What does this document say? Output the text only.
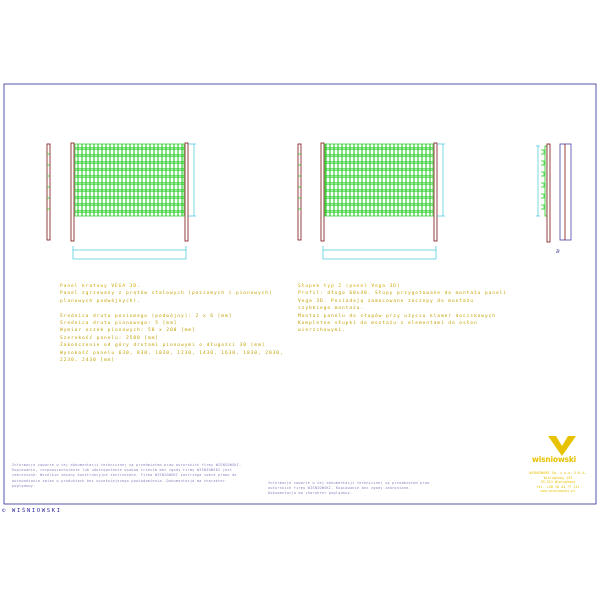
Panel kratowy VEGA 3D.
Panel zgrzewany z prętów stalowych (poziomych i pionowych)
planowych podwójnych).

Średnica drutu poziomego (podwójny): 2 x 6 [mm]
Średnica drutu pionowego: 5 [mm]
Wymiar oczek pionowych: 50 x 200 [mm]
Szerokość panelu: 2500 [mm]
Zakończenie od góry drutami pionowymi o długości 30 [mm]
Wysokość panelu 630, 830, 1030, 1230, 1430, 1630, 1830, 2030,
2230, 2430 [mm]
Słupek typ 2 (panel Vega 3D)
Profil: długo 60x40. Słupy przygotowane do montażu paneli
Vega 3D. Posiadają zamocowane zaczepy do montażu
szybkiego montażu.
Montaż panelu do słupów przy użyciu klamer dociskowych
Kompletne słupki do montażu z elementami do osłon
wierzchowymi.
Informacje zawarte w tej dokumentacji technicznej są przedmiotem praw autorskich firmy WIŚNIOWSKI. Kopiowanie, rozpowszechnianie lub udostępnianie osobom trzecim bez zgody firmy WIŚNIOWSKI jest zabronione. Wszelkie zmiany konstrukcyjne zastrzeżone. Firma WIŚNIOWSKI zastrzega sobie prawo do wprowadzania zmian w produktach bez wcześniejszego powiadomienia. Dokumentacja ma charakter poglądowy.
Informacje zawarte w tej dokumentacji technicznej są przedmiotem praw autorskich firmy WIŚNIOWSKI. Kopiowanie bez zgody zabronione. Dokumentacja ma charakter poglądowy.
wisniowski
WIŚNIOWSKI Sp. z o.o. S.K.A.
Wielogłowy 153
33-311 Wielogłowy
tel. +48 18 44 77 111
www.wisniowski.pl
B
© WIŚNIOWSKI
